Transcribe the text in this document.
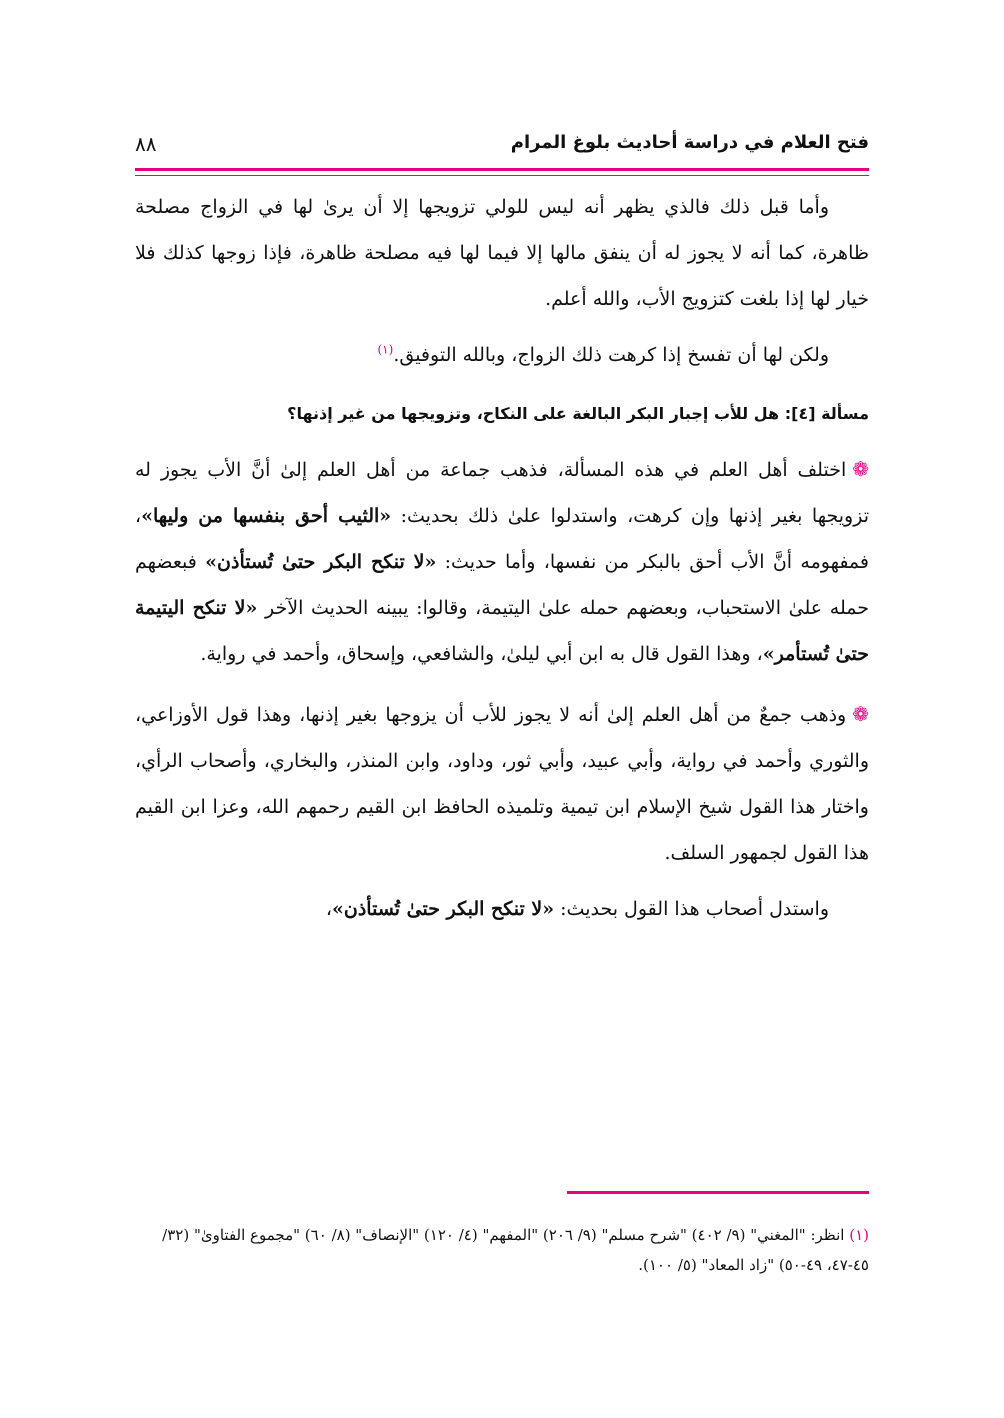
فتح العلام في دراسة أحاديث بلوغ المرام
٨٨

وأما قبل ذلك فالذي يظهر أنه ليس للولي تزويجها إلا أن يرىٰ لها في الزواج مصلحة ظاهرة، كما أنه لا يجوز له أن ينفق مالها إلا فيما لها فيه مصلحة ظاهرة، فإذا زوجها كذلك فلا خيار لها إذا بلغت كتزويج الأب، والله أعلم.

ولكن لها أن تفسخ إذا كرهت ذلك الزواج، وبالله التوفيق.$^{(١)}$

مسألة [٤]: هل للأب إجبار البكر البالغة على النكاح، وتزويجها من غير إذنها؟

❁اختلف أهل العلم في هذه المسألة، فذهب جماعة من أهل العلم إلىٰ أنَّ الأب يجوز له تزويجها بغير إذنها وإن كرهت، واستدلوا علىٰ ذلك بحديث: «الثيب أحق بنفسها من وليها»، فمفهومه أنَّ الأب أحق بالبكر من نفسها، وأما حديث: «لا تنكح البكر حتىٰ تُستأذن» فبعضهم حمله علىٰ الاستحباب، وبعضهم حمله علىٰ اليتيمة، وقالوا: يبينه الحديث الآخر «لا تنكح اليتيمة حتىٰ تُستأمر»، وهذا القول قال به ابن أبي ليلىٰ، والشافعي، وإسحاق، وأحمد في رواية.

❁وذهب جمعٌ من أهل العلم إلىٰ أنه لا يجوز للأب أن يزوجها بغير إذنها، وهذا قول الأوزاعي، والثوري وأحمد في رواية، وأبي عبيد، وأبي ثور، وداود، وابن المنذر، والبخاري، وأصحاب الرأي، واختار هذا القول شيخ الإسلام ابن تيمية وتلميذه الحافظ ابن القيم رحمهم الله، وعزا ابن القيم هذا القول لجمهور السلف.

واستدل أصحاب هذا القول بحديث: «لا تنكح البكر حتىٰ تُستأذن»،

(١) انظر: "المغني" (٩/ ٤٠٢) "شرح مسلم" (٩/ ٢٠٦) "المفهم" (٤/ ١٢٠) "الإنصاف" (٨/ ٦٠) "مجموع الفتاوىٰ" (٣٢/ ٤٥-٤٧، ٤٩-٥٠) "زاد المعاد" (٥/ ١٠٠).
